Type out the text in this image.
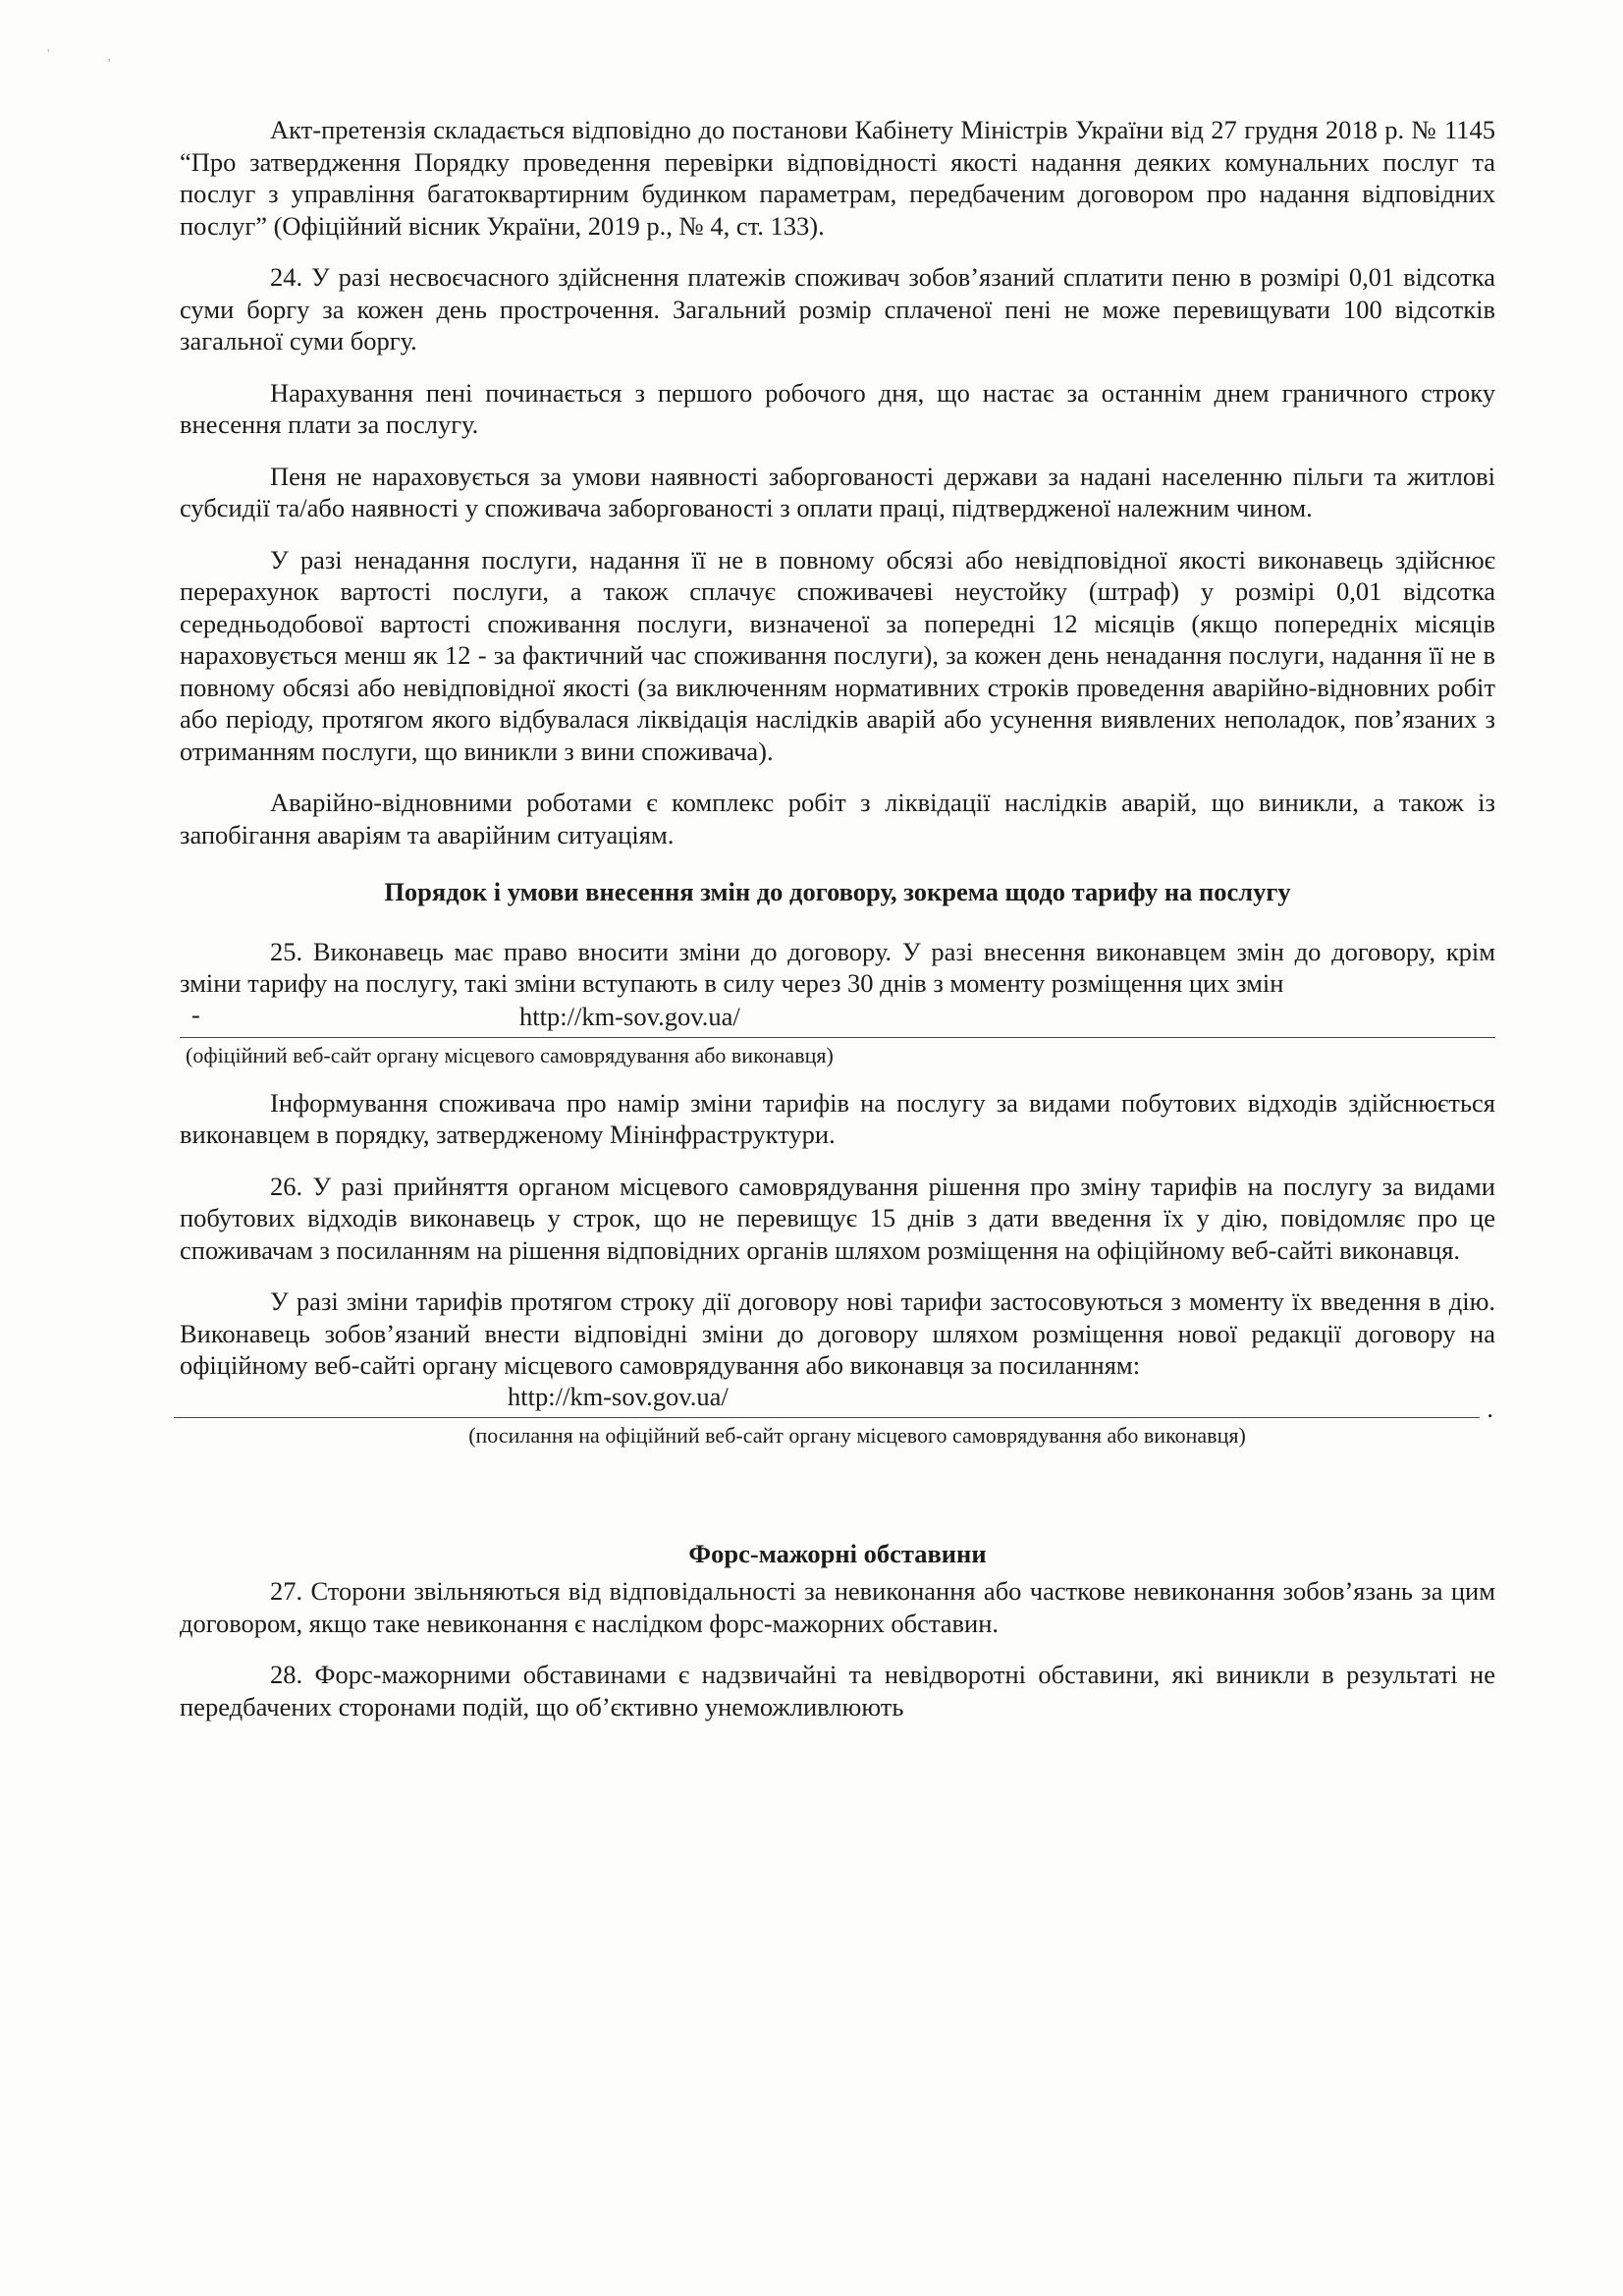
'
'

Акт-претензія складається відповідно до постанови Кабінету Міністрів України від 27 грудня 2018 р. № 1145 “Про затвердження Порядку проведення перевірки відповідності якості надання деяких комунальних послуг та послуг з управління багатоквартирним будинком параметрам, передбаченим договором про надання відповідних послуг” (Офіційний вісник України, 2019 р., № 4, ст. 133).

24. У разі несвоєчасного здійснення платежів споживач зобов’язаний сплатити пеню в розмірі 0,01 відсотка суми боргу за кожен день прострочення. Загальний розмір сплаченої пені не може перевищувати 100 відсотків загальної суми боргу.

Нарахування пені починається з першого робочого дня, що настає за останнім днем граничного строку внесення плати за послугу.

Пеня не нараховується за умови наявності заборгованості держави за надані населенню пільги та житлові субсидії та/або наявності у споживача заборгованості з оплати праці, підтвердженої належним чином.

У разі ненадання послуги, надання її не в повному обсязі або невідповідної якості виконавець здійснює перерахунок вартості послуги, а також сплачує споживачеві неустойку (штраф) у розмірі 0,01 відсотка середньодобової вартості споживання послуги, визначеної за попередні 12 місяців (якщо попередніх місяців нараховується менш як 12 - за фактичний час споживання послуги), за кожен день ненадання послуги, надання її не в повному обсязі або невідповідної якості (за виключенням нормативних строків проведення аварійно-відновних робіт або періоду, протягом якого відбувалася ліквідація наслідків аварій або усунення виявлених неполадок, пов’язаних з отриманням послуги, що виникли з вини споживача).

Аварійно-відновними роботами є комплекс робіт з ліквідації наслідків аварій, що виникли, а також із запобігання аваріям та аварійним ситуаціям.

Порядок і умови внесення змін до договору, зокрема щодо тарифу на послугу

25. Виконавець має право вносити зміни до договору. У разі внесення виконавцем змін до договору, крім зміни тарифу на послугу, такі зміни вступають в силу через 30 днів з моменту розміщення цих змін

-	http://km-sov.gov.ua/
(офіційний веб-сайт органу місцевого самоврядування або виконавця)

Інформування споживача про намір зміни тарифів на послугу за видами побутових відходів здійснюється виконавцем в порядку, затвердженому Мінінфраструктури.

26. У разі прийняття органом місцевого самоврядування рішення про зміну тарифів на послугу за видами побутових відходів виконавець у строк, що не перевищує 15 днів з дати введення їх у дію, повідомляє про це споживачам з посиланням на рішення відповідних органів шляхом розміщення на офіційному веб-сайті виконавця.

У разі зміни тарифів протягом строку дії договору нові тарифи застосовуються з моменту їх введення в дію. Виконавець зобов’язаний внести відповідні зміни до договору шляхом розміщення нової редакції договору на офіційному веб-сайті органу місцевого самоврядування або виконавця за посиланням:

http://km-sov.gov.ua/	.
(посилання на офіційний веб-сайт органу місцевого самоврядування або виконавця)
Форс-мажорні обставини

27. Сторони звільняються від відповідальності за невиконання або часткове невиконання зобов’язань за цим договором, якщо таке невиконання є наслідком форс-мажорних обставин.

28. Форс-мажорними обставинами є надзвичайні та невідворотні обставини, які виникли в результаті не передбачених сторонами подій, що об’єктивно унеможливлюють
